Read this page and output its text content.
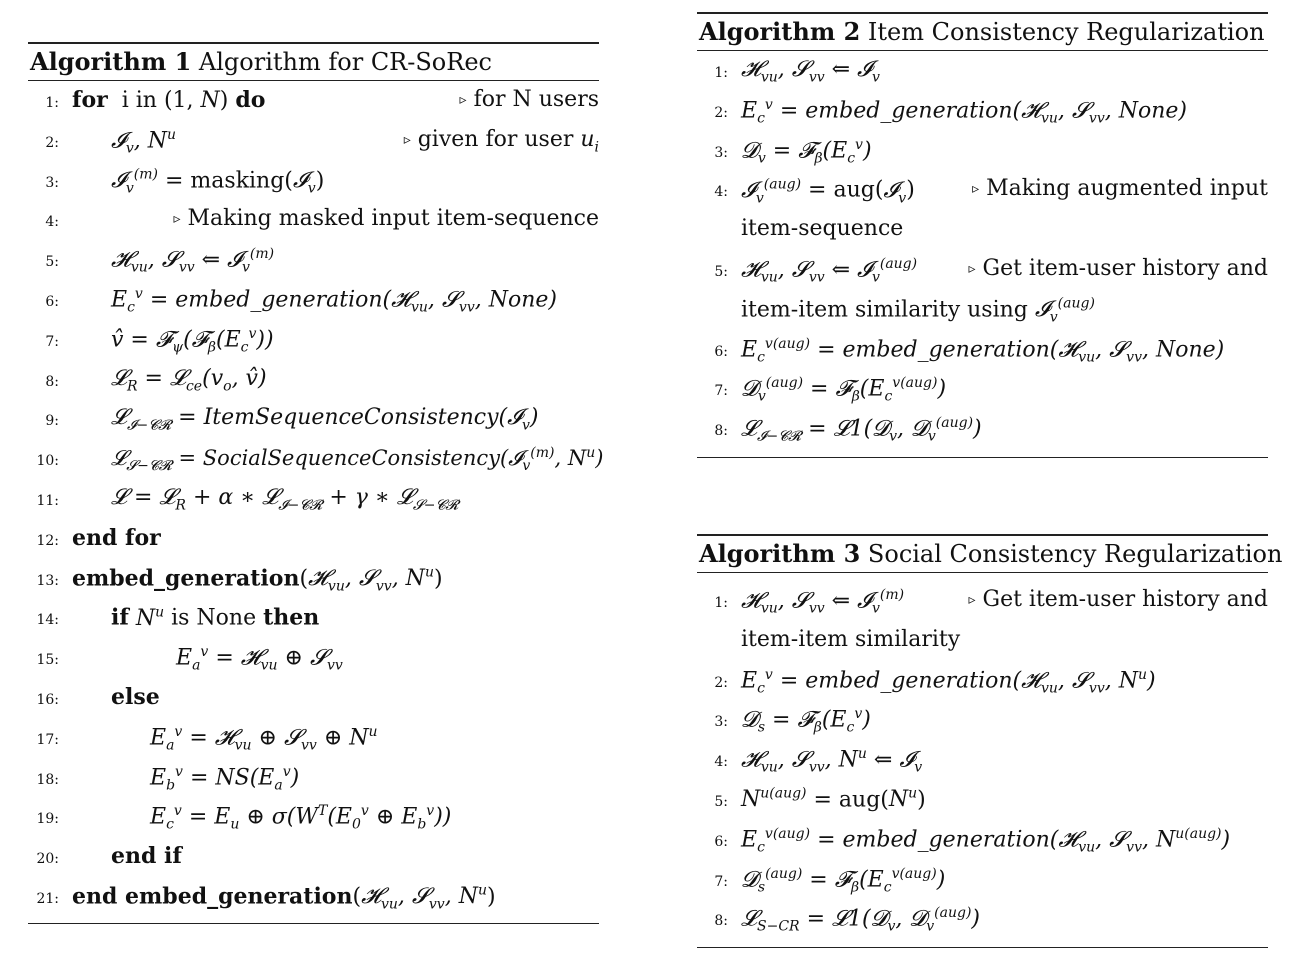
Algorithm 1 Algorithm for CR-SoRec
1: for  i in (1, N) do	▹ for N users
2: 𝓘$_v$, $N^u$	▹ given for user $u_i$
3: 𝓘$_v^{(m)}$ = masking(𝓘$_v$)
4:	▹ Making masked input item-sequence
5: 𝓗$_{vu}$, 𝓢$_{vv}$ ⇐ 𝓘$_v^{(m)}$
6: $E_c^v$ = embed_generation(𝓗$_{vu}$, 𝓢$_{vv}$, None)
7: v̂ = $𝓕_\psi(𝓕_\beta(E_c^v))$
8: 𝓛$_R$ = $𝓛_{ce}(v_o$, v̂)
9: 𝓛$_{𝓘-𝓒𝓡}$ = ItemSequenceConsistency(𝓘$_v$)
10: 𝓛$_{𝓢-𝓒𝓡}$ = SocialSequenceConsistency(𝓘$_v^{(m)}$, $N^u$)
11: 𝓛 = 𝓛$_R$ + α ∗ 𝓛$_{𝓘-𝓒𝓡}$ + γ ∗ 𝓛$_{𝓢-𝓒𝓡}$
12: end for
13: embed_generation(𝓗$_{vu}$, 𝓢$_{vv}$, $N^u$)
14: if $N^u$ is None then
15:	$E_a^v$ = 𝓗$_{vu}$ ⊕ 𝓢$_{vv}$
16: else
17:	$E_a^v$ = 𝓗$_{vu}$ ⊕ 𝓢$_{vv}$ ⊕ $N^u$
18:	$E_b^v = NS(E_a^v)$
19:	$E_c^v = E_u$ ⊕ $\sigma(W^T(E_0^v$ ⊕ $E_b^v$))
20: end if
21: end embed_generation(𝓗$_{vu}$, 𝓢$_{vv}$, $N^u$)
Algorithm 2 Item Consistency Regularization
1: 𝓗$_{vu}$, 𝓢$_{vv}$ ⇐ 𝓘$_v$
2: $E_c^v$ = embed_generation(𝓗$_{vu}$, 𝓢$_{vv}$, None)
3: 𝓓$_v$ = $𝓕_\beta(E_c^v)$
4: 𝓘$_v^{(aug)}$ = aug(𝓘$_v$)	▹ Making augmented input
item-sequence
5: 𝓗$_{vu}$, 𝓢$_{vv}$ ⇐ 𝓘$_v^{(aug)}$	▹ Get item-user history and
item-item similarity using 𝓘$_v^{(aug)}$
6: $E_c^{v(aug)}$ = embed_generation(𝓗$_{vu}$, 𝓢$_{vv}$, None)
7: 𝓓$_v^{(aug)}$ = $𝓕_\beta(E_c^{v(aug)})$
8: 𝓛$_{𝓘-𝓒𝓡}$ = 𝓛1(𝓓$_v$, 𝓓$_v^{(aug)}$)
Algorithm 3 Social Consistency Regularization
1: 𝓗$_{vu}$, 𝓢$_{vv}$ ⇐ 𝓘$_v^{(m)}$	▹ Get item-user history and
item-item similarity
2: $E_c^v$ = embed_generation(𝓗$_{vu}$, 𝓢$_{vv}$, $N^u$)
3: 𝓓$_s$ = $𝓕_\beta(E_c^v)$
4: 𝓗$_{vu}$, 𝓢$_{vv}$, $N^u$ ⇐ 𝓘$_v$
5: $N^{u(aug)} = aug(N^u)$
6: $E_c^{v(aug)}$ = embed_generation(𝓗$_{vu}$, 𝓢$_{vv}$, $N^{u(aug)}$)
7: 𝓓$_s^{(aug)}$ = $𝓕_\beta(E_c^{v(aug)})$
8: 𝓛$_{S-CR}$ = 𝓛1(𝓓$_v$, 𝓓$_v^{(aug)}$)
